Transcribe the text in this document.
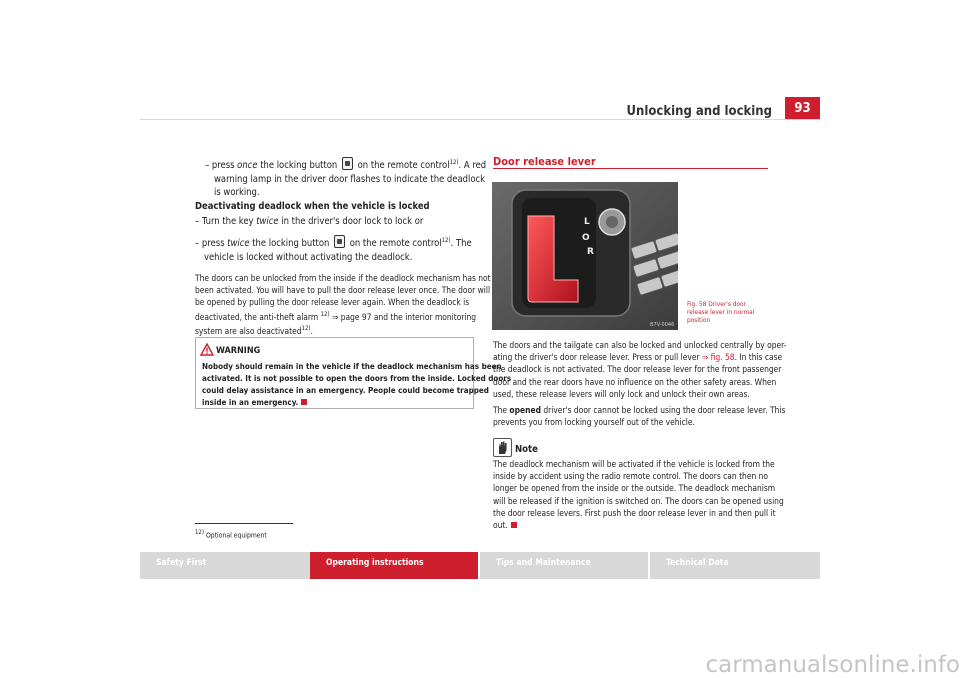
Unlocking and locking	93

– press once the locking button  on the remote control$^{12)}$. A red

warning lamp in the driver door flashes to indicate the deadlock

is working.

Deactivating deadlock when the vehicle is locked
– Turn the key twice in the driver's door lock to lock or

– press twice the locking button  on the remote control$^{12)}$. The

vehicle is locked without activating the deadlock.

The doors can be unlocked from the inside if the deadlock mechanism has not

been activated. You will have to pull the door release lever once. The door will

be opened by pulling the door release lever again. When the deadlock is

deactivated, the anti-theft alarm $^{12)}$ ⇒ page 97 and the interior monitoring

system are also deactivated$^{12)}$.

WARNING

Nobody should remain in the vehicle if the deadlock mechanism has been

activated. It is not possible to open the doors from the inside. Locked doors

could delay assistance in an emergency. People could become trapped

inside in an emergency.

$^{12)}$ Optional equipment
Door release lever
L
O
R
B7V-0046

Fig. 58 Driver's door

release lever in normal

position

The doors and the tailgate can also be locked and unlocked centrally by oper-

ating the driver's door release lever. Press or pull lever ⇒ fig. 58. In this case

the deadlock is not activated. The door release lever for the front passenger

door and the rear doors have no influence on the other safety areas. When

used, these release levers will only lock and unlock their own areas.

The opened driver's door cannot be locked using the door release lever. This

prevents you from locking yourself out of the vehicle.

Note

The deadlock mechanism will be activated if the vehicle is locked from the

inside by accident using the radio remote control. The doors can then no

longer be opened from the inside or the outside. The deadlock mechanism

will be released if the ignition is switched on. The doors can be opened using

the door release levers. First push the door release lever in and then pull it

out.

Safety First	Operating instructions	Tips and Maintenance	Technical Data
carmanualsonline.info
